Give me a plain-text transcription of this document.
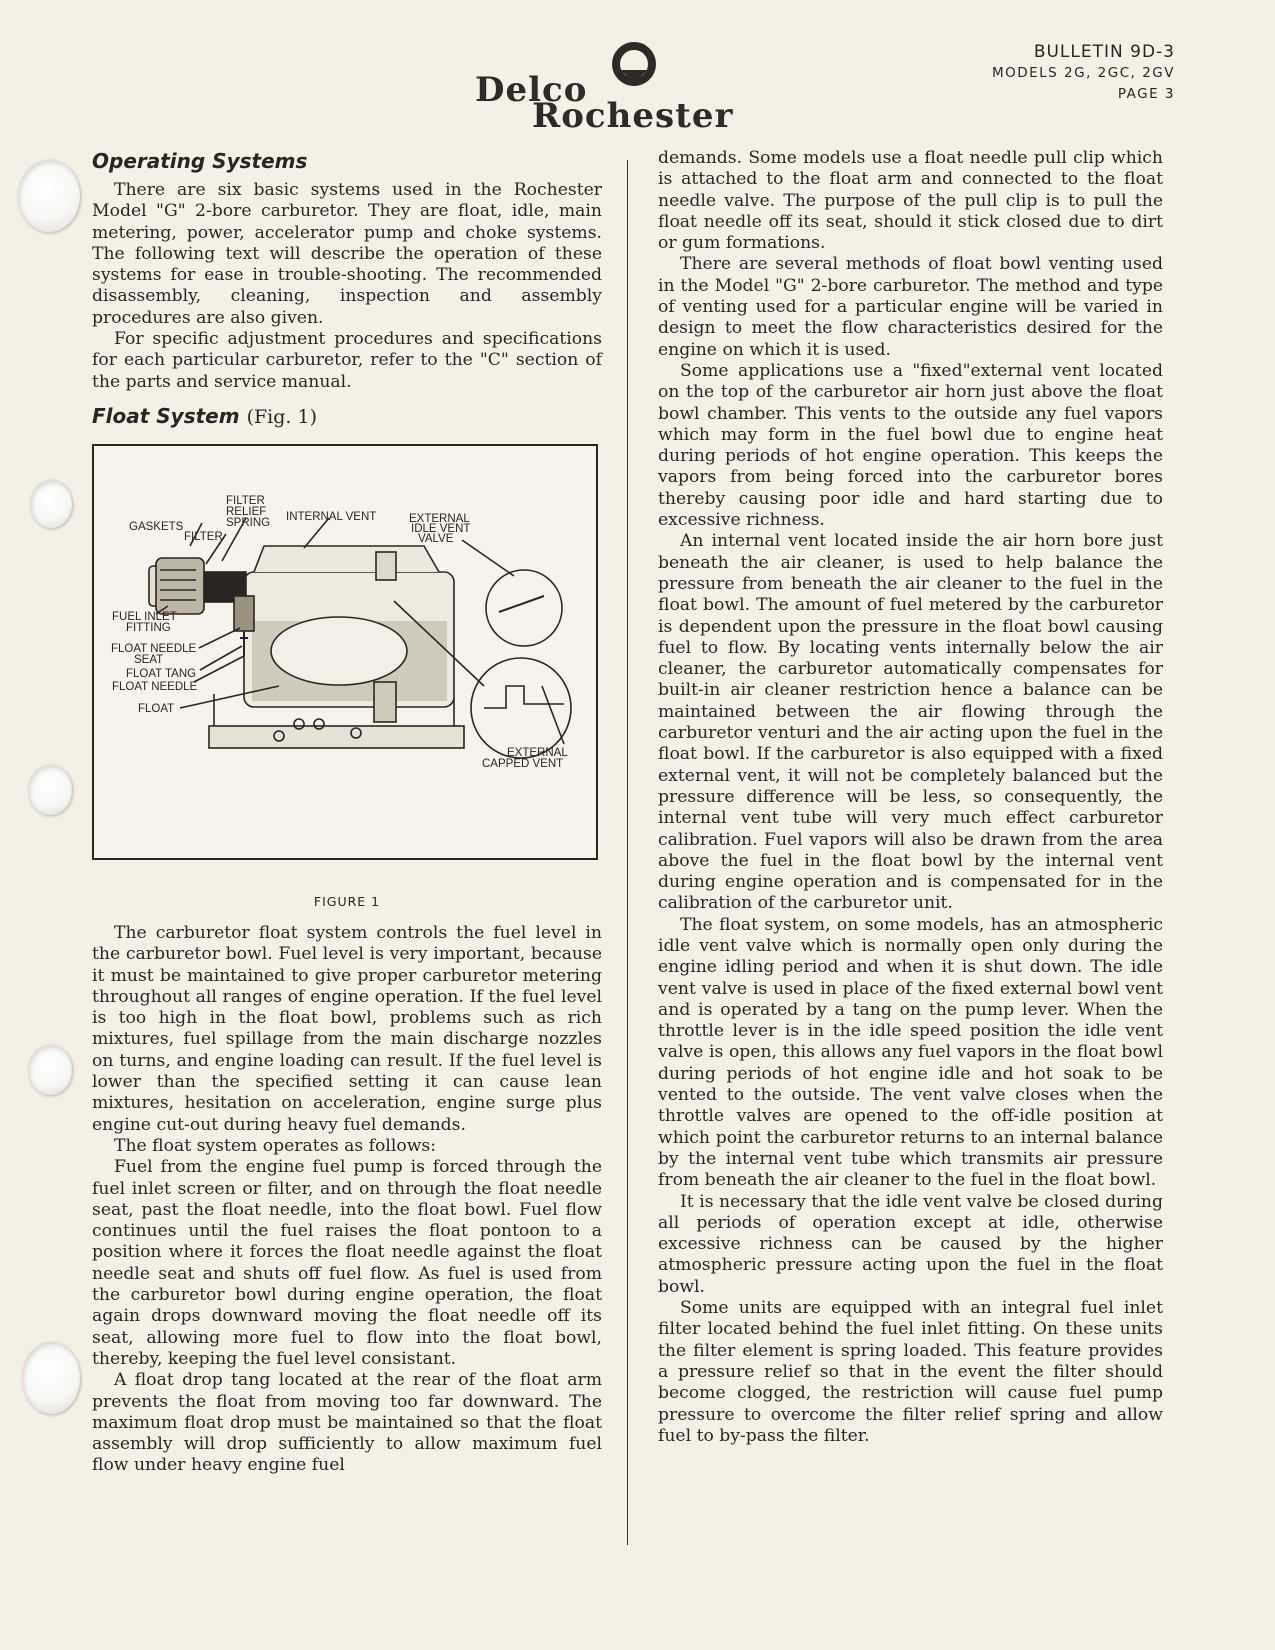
Delco
Rochester
BULLETIN 9D-3
MODELS 2G, 2GC, 2GV
PAGE 3
Operating Systems

There are six basic systems used in the Rochester Model "G" 2-bore carburetor. They are float, idle, main metering, power, accelerator pump and choke systems. The following text will describe the operation of these systems for ease in trouble-shooting. The recommended disassembly, cleaning, inspection and assembly procedures are also given.

For specific adjustment procedures and specifications for each particular carburetor, refer to the "C" section of the parts and service manual.

Float System (Fig. 1)
FILTER
RELIEF
SPRING
GASKETS
FILTER
INTERNAL VENT	EXTERNAL
IDLE VENT
VALVE
FUEL INLET
FITTING
FLOAT NEEDLE
SEAT
FLOAT TANG
FLOAT NEEDLE
FLOAT
EXTERNAL
CAPPED VENT
FIGURE 1

The carburetor float system controls the fuel level in the carburetor bowl. Fuel level is very important, because it must be maintained to give proper carburetor metering throughout all ranges of engine operation. If the fuel level is too high in the float bowl, problems such as rich mixtures, fuel spillage from the main discharge nozzles on turns, and engine loading can result. If the fuel level is lower than the specified setting it can cause lean mixtures, hesitation on acceleration, engine surge plus engine cut-out during heavy fuel demands.

The float system operates as follows:

Fuel from the engine fuel pump is forced through the fuel inlet screen or filter, and on through the float needle seat, past the float needle, into the float bowl. Fuel flow continues until the fuel raises the float pontoon to a position where it forces the float needle against the float needle seat and shuts off fuel flow. As fuel is used from the carburetor bowl during engine operation, the float again drops downward moving the float needle off its seat, allowing more fuel to flow into the float bowl, thereby, keeping the fuel level consistant.

A float drop tang located at the rear of the float arm prevents the float from moving too far downward. The maximum float drop must be maintained so that the float assembly will drop sufficiently to allow maximum fuel flow under heavy engine fuel

demands. Some models use a float needle pull clip which is attached to the float arm and connected to the float needle valve. The purpose of the pull clip is to pull the float needle off its seat, should it stick closed due to dirt or gum formations.

There are several methods of float bowl venting used in the Model "G" 2-bore carburetor. The method and type of venting used for a particular engine will be varied in design to meet the flow characteristics desired for the engine on which it is used.

Some applications use a "fixed"external vent located on the top of the carburetor air horn just above the float bowl chamber. This vents to the outside any fuel vapors which may form in the fuel bowl due to engine heat during periods of hot engine operation. This keeps the vapors from being forced into the carburetor bores thereby causing poor idle and hard starting due to excessive richness.

An internal vent located inside the air horn bore just beneath the air cleaner, is used to help balance the pressure from beneath the air cleaner to the fuel in the float bowl. The amount of fuel metered by the carburetor is dependent upon the pressure in the float bowl causing fuel to flow. By locating vents internally below the air cleaner, the carburetor automatically compensates for built-in air cleaner restriction hence a balance can be maintained between the air flowing through the carburetor venturi and the air acting upon the fuel in the float bowl. If the carburetor is also equipped with a fixed external vent, it will not be completely balanced but the pressure difference will be less, so consequently, the internal vent tube will very much effect carburetor calibration. Fuel vapors will also be drawn from the area above the fuel in the float bowl by the internal vent during engine operation and is compensated for in the calibration of the carburetor unit.

The float system, on some models, has an atmospheric idle vent valve which is normally open only during the engine idling period and when it is shut down. The idle vent valve is used in place of the fixed external bowl vent and is operated by a tang on the pump lever. When the throttle lever is in the idle speed position the idle vent valve is open, this allows any fuel vapors in the float bowl during periods of hot engine idle and hot soak to be vented to the outside. The vent valve closes when the throttle valves are opened to the off-idle position at which point the carburetor returns to an internal balance by the internal vent tube which transmits air pressure from beneath the air cleaner to the fuel in the float bowl.

It is necessary that the idle vent valve be closed during all periods of operation except at idle, otherwise excessive richness can be caused by the higher atmospheric pressure acting upon the fuel in the float bowl.

Some units are equipped with an integral fuel inlet filter located behind the fuel inlet fitting. On these units the filter element is spring loaded. This feature provides a pressure relief so that in the event the filter should become clogged, the restriction will cause fuel pump pressure to overcome the filter relief spring and allow fuel to by-pass the filter.
